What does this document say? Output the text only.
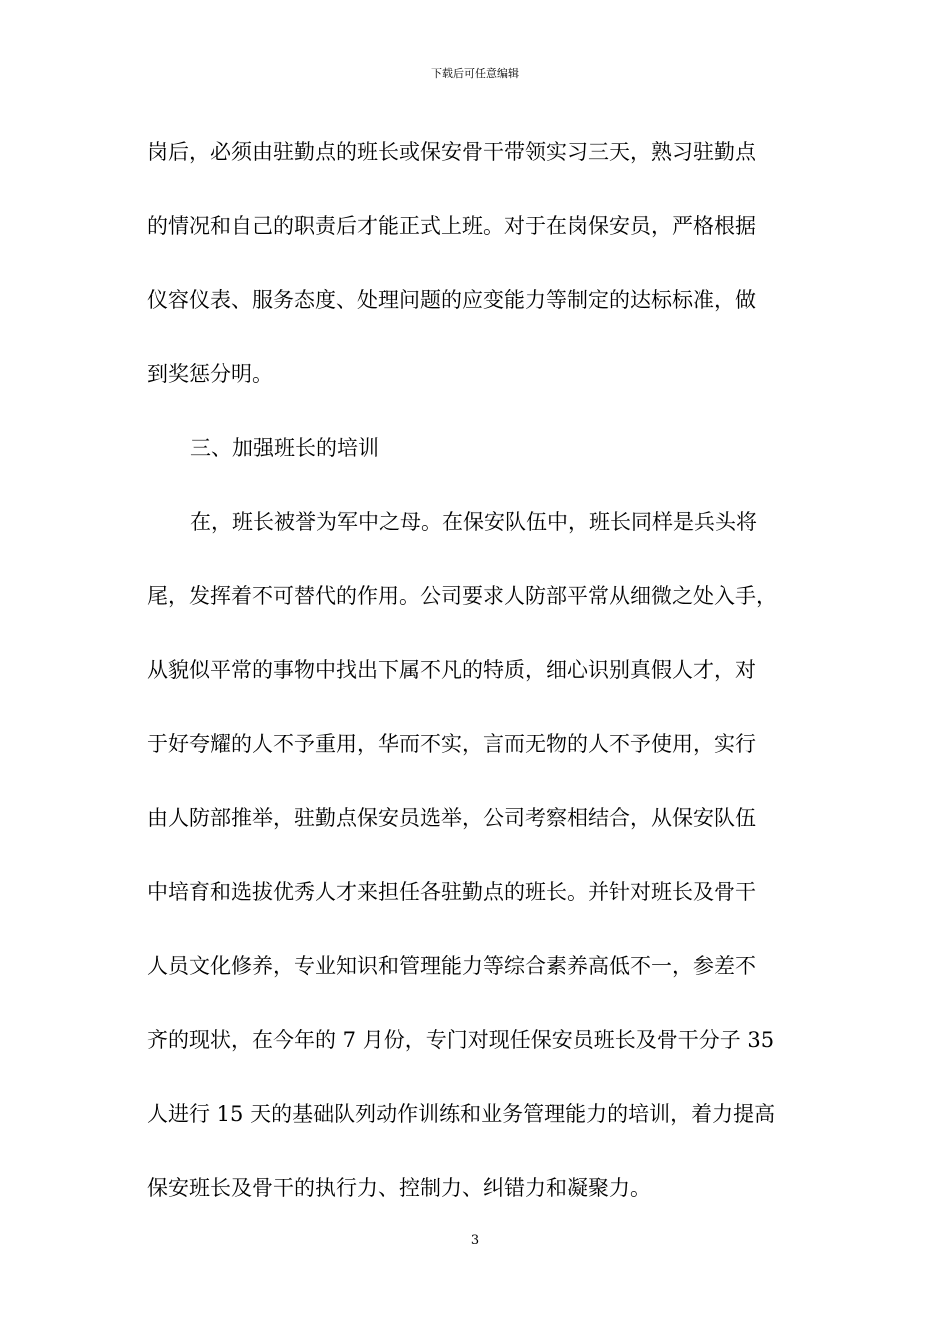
下载后可任意编辑
岗后，必须由驻勤点的班长或保安骨干带领实习三天，熟习驻勤点
的情况和自己的职责后才能正式上班。对于在岗保安员，严格根据
仪容仪表、服务态度、处理问题的应变能力等制定的达标标准，做
到奖惩分明。
三、加强班长的培训
在，班长被誉为军中之母。在保安队伍中，班长同样是兵头将
尾，发挥着不可替代的作用。公司要求人防部平常从细微之处入手，
从貌似平常的事物中找出下属不凡的特质，细心识别真假人才，对
于好夸耀的人不予重用，华而不实，言而无物的人不予使用，实行
由人防部推举，驻勤点保安员选举，公司考察相结合，从保安队伍
中培育和选拔优秀人才来担任各驻勤点的班长。并针对班长及骨干
人员文化修养，专业知识和管理能力等综合素养高低不一，参差不
齐的现状，在今年的 7 月份，专门对现任保安员班长及骨干分子 35
人进行 15 天的基础队列动作训练和业务管理能力的培训，着力提高
保安班长及骨干的执行力、控制力、纠错力和凝聚力。
3
